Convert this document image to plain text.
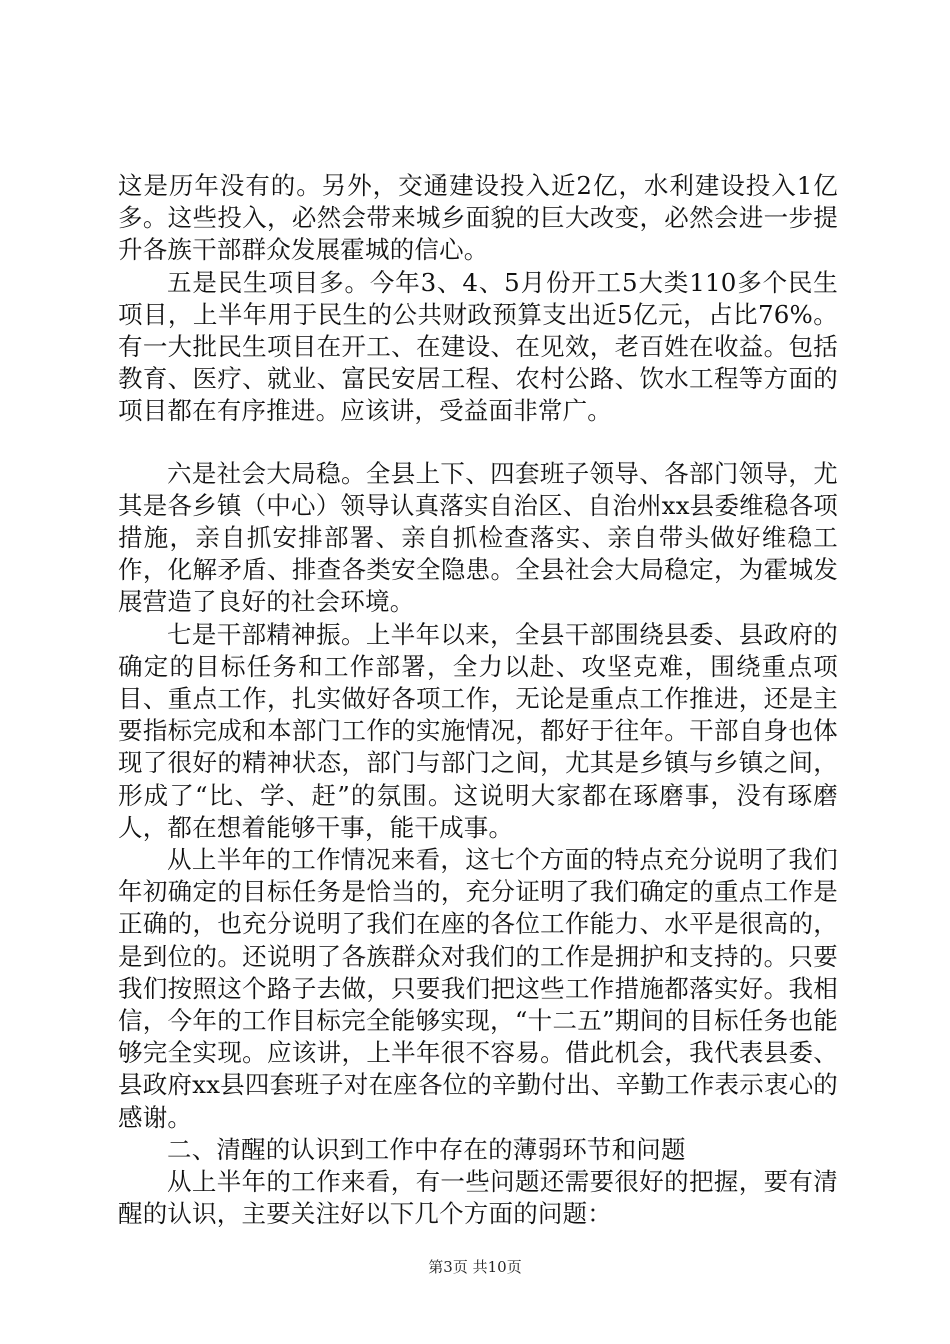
这是历年没有的。另外，交通建设投入近2亿，水利建设投入1亿多。这些投入，必然会带来城乡面貌的巨大改变，必然会进一步提升各族干部群众发展霍城的信心。

五是民生项目多。今年3、4、5月份开工5大类110多个民生项目，上半年用于民生的公共财政预算支出近5亿元，占比76%。有一大批民生项目在开工、在建设、在见效，老百姓在收益。包括教育、医疗、就业、富民安居工程、农村公路、饮水工程等方面的项目都在有序推进。应该讲，受益面非常广。

六是社会大局稳。全县上下、四套班子领导、各部门领导，尤其是各乡镇（中心）领导认真落实自治区、自治州xx县委维稳各项措施，亲自抓安排部署、亲自抓检查落实、亲自带头做好维稳工作，化解矛盾、排查各类安全隐患。全县社会大局稳定，为霍城发展营造了良好的社会环境。

七是干部精神振。上半年以来，全县干部围绕县委、县政府的确定的目标任务和工作部署，全力以赴、攻坚克难，围绕重点项目、重点工作，扎实做好各项工作，无论是重点工作推进，还是主要指标完成和本部门工作的实施情况，都好于往年。干部自身也体现了很好的精神状态，部门与部门之间，尤其是乡镇与乡镇之间，形成了“比、学、赶”的氛围。这说明大家都在琢磨事，没有琢磨人，都在想着能够干事，能干成事。

从上半年的工作情况来看，这七个方面的特点充分说明了我们年初确定的目标任务是恰当的，充分证明了我们确定的重点工作是正确的，也充分说明了我们在座的各位工作能力、水平是很高的，是到位的。还说明了各族群众对我们的工作是拥护和支持的。只要我们按照这个路子去做，只要我们把这些工作措施都落实好。我相信，今年的工作目标完全能够实现，“十二五”期间的目标任务也能够完全实现。应该讲，上半年很不容易。借此机会，我代表县委、县政府xx县四套班子对在座各位的辛勤付出、辛勤工作表示衷心的感谢。

二、清醒的认识到工作中存在的薄弱环节和问题

从上半年的工作来看，有一些问题还需要很好的把握，要有清醒的认识，主要关注好以下几个方面的问题：

第3页 共10页
